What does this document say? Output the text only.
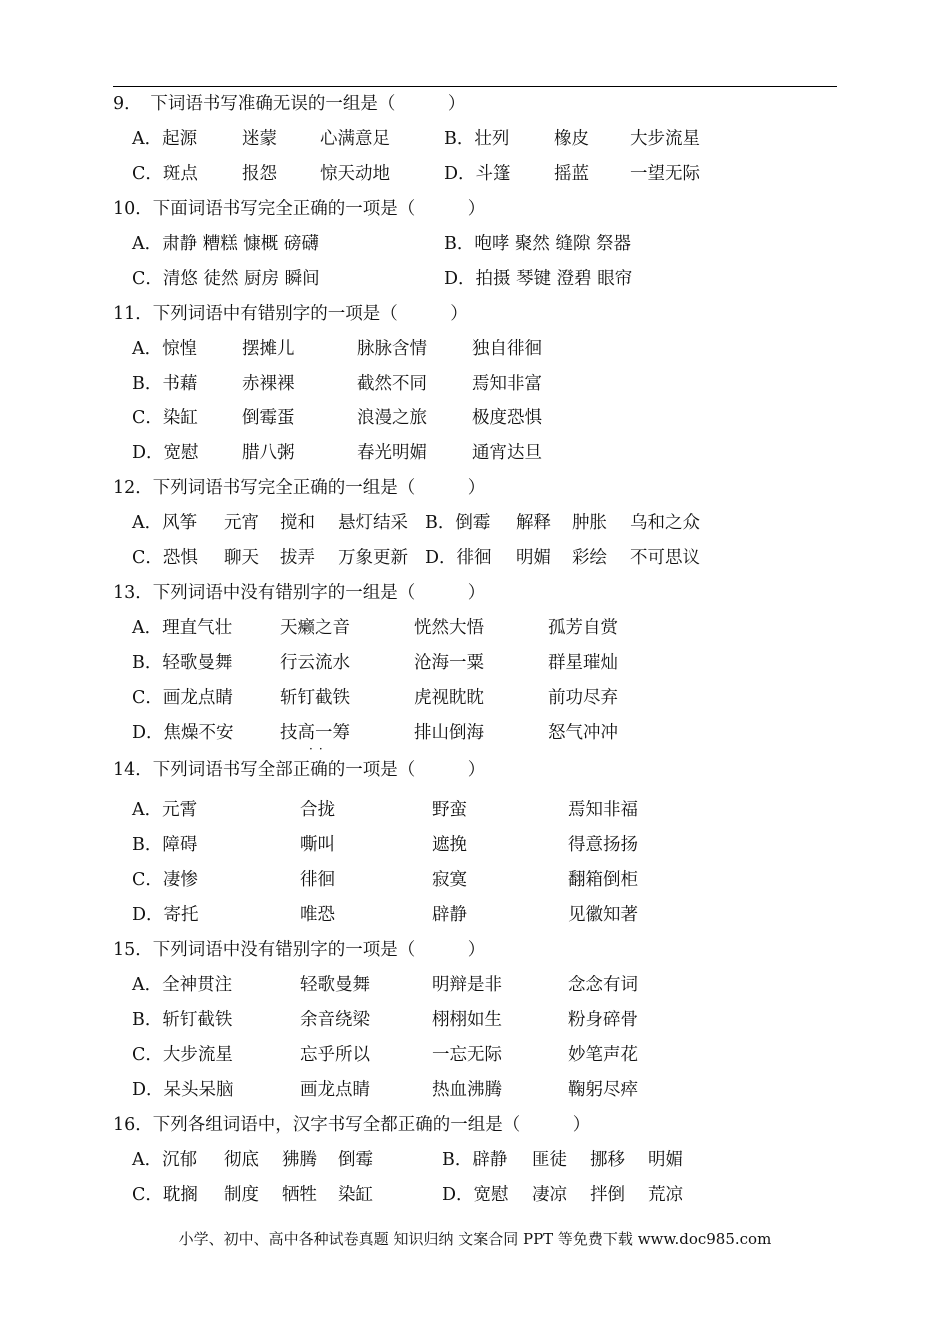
9．　下词语书写准确无误的一组是（　　　）
A．起源	迷蒙 心满意足	B．壮列	橡皮 大步流星
C．斑点	报怨 惊天动地	D．斗篷 摇蓝 一望无际
10．下面词语书写完全正确的一项是（　　　）
A．肃静 糟糕 慷概 磅礴	B．咆哮 聚然 缝隙 祭器
C．清悠 徒然 厨房 瞬间	D．拍摄 琴键 澄碧 眼帘
11．下列词语中有错别字的一项是（　　　）
A．惊惶	摆摊儿	脉脉含情	独自徘徊
B．书藉	赤裸裸	截然不同	焉知非富
C．染缸	倒霉蛋	浪漫之旅	极度恐惧
D．宽慰 腊八粥	春光明媚	通宵达旦
12．下列词语书写完全正确的一组是（　　　）
A．风筝 元宵 搅和 悬灯结采 B．倒霉 解释 肿胀 乌和之众
C．恐惧 聊天 拔弄 万象更新 D．徘徊 明媚 彩绘 不可思议
13．下列词语中没有错别字的一组是（　　　）
A．理直气壮	天癞之音	恍然大悟	孤芳自赏
B．轻歌曼舞	行云流水	沧海一粟	群星璀灿
C．画龙点睛	斩钉截铁	虎视眈眈	前功尽弃
D．焦燥不安	技高一筹	排山倒海	怒气冲冲
··
14．下列词语书写全部正确的一项是（　　　）
A．元霄	合拢	野蛮	焉知非福
B．障碍	嘶叫	遮挽	得意扬扬
C．凄惨	徘徊	寂寞	翻箱倒柜
D．寄托	唯恐	辟静	见徽知著
15．下列词语中没有错别字的一项是（　　　）
A．全神贯注	轻歌曼舞	明辩是非	念念有词
B．斩钉截铁	余音绕梁	栩栩如生	粉身碎骨
C．大步流星	忘乎所以	一忘无际	妙笔声花
D．呆头呆脑	画龙点睛	热血沸腾	鞠躬尽瘁
16．下列各组词语中，汉字书写全都正确的一组是（　　　）
A．沉郁 彻底 狒腾 倒霉	B．辟静 匪徒 挪移 明媚
C．耽搁 制度 牺牲 染缸	D．宽慰 凄凉 拌倒 荒凉
小学、初中、高中各种试卷真题 知识归纳 文案合同 PPT 等免费下载 www.doc985.com
